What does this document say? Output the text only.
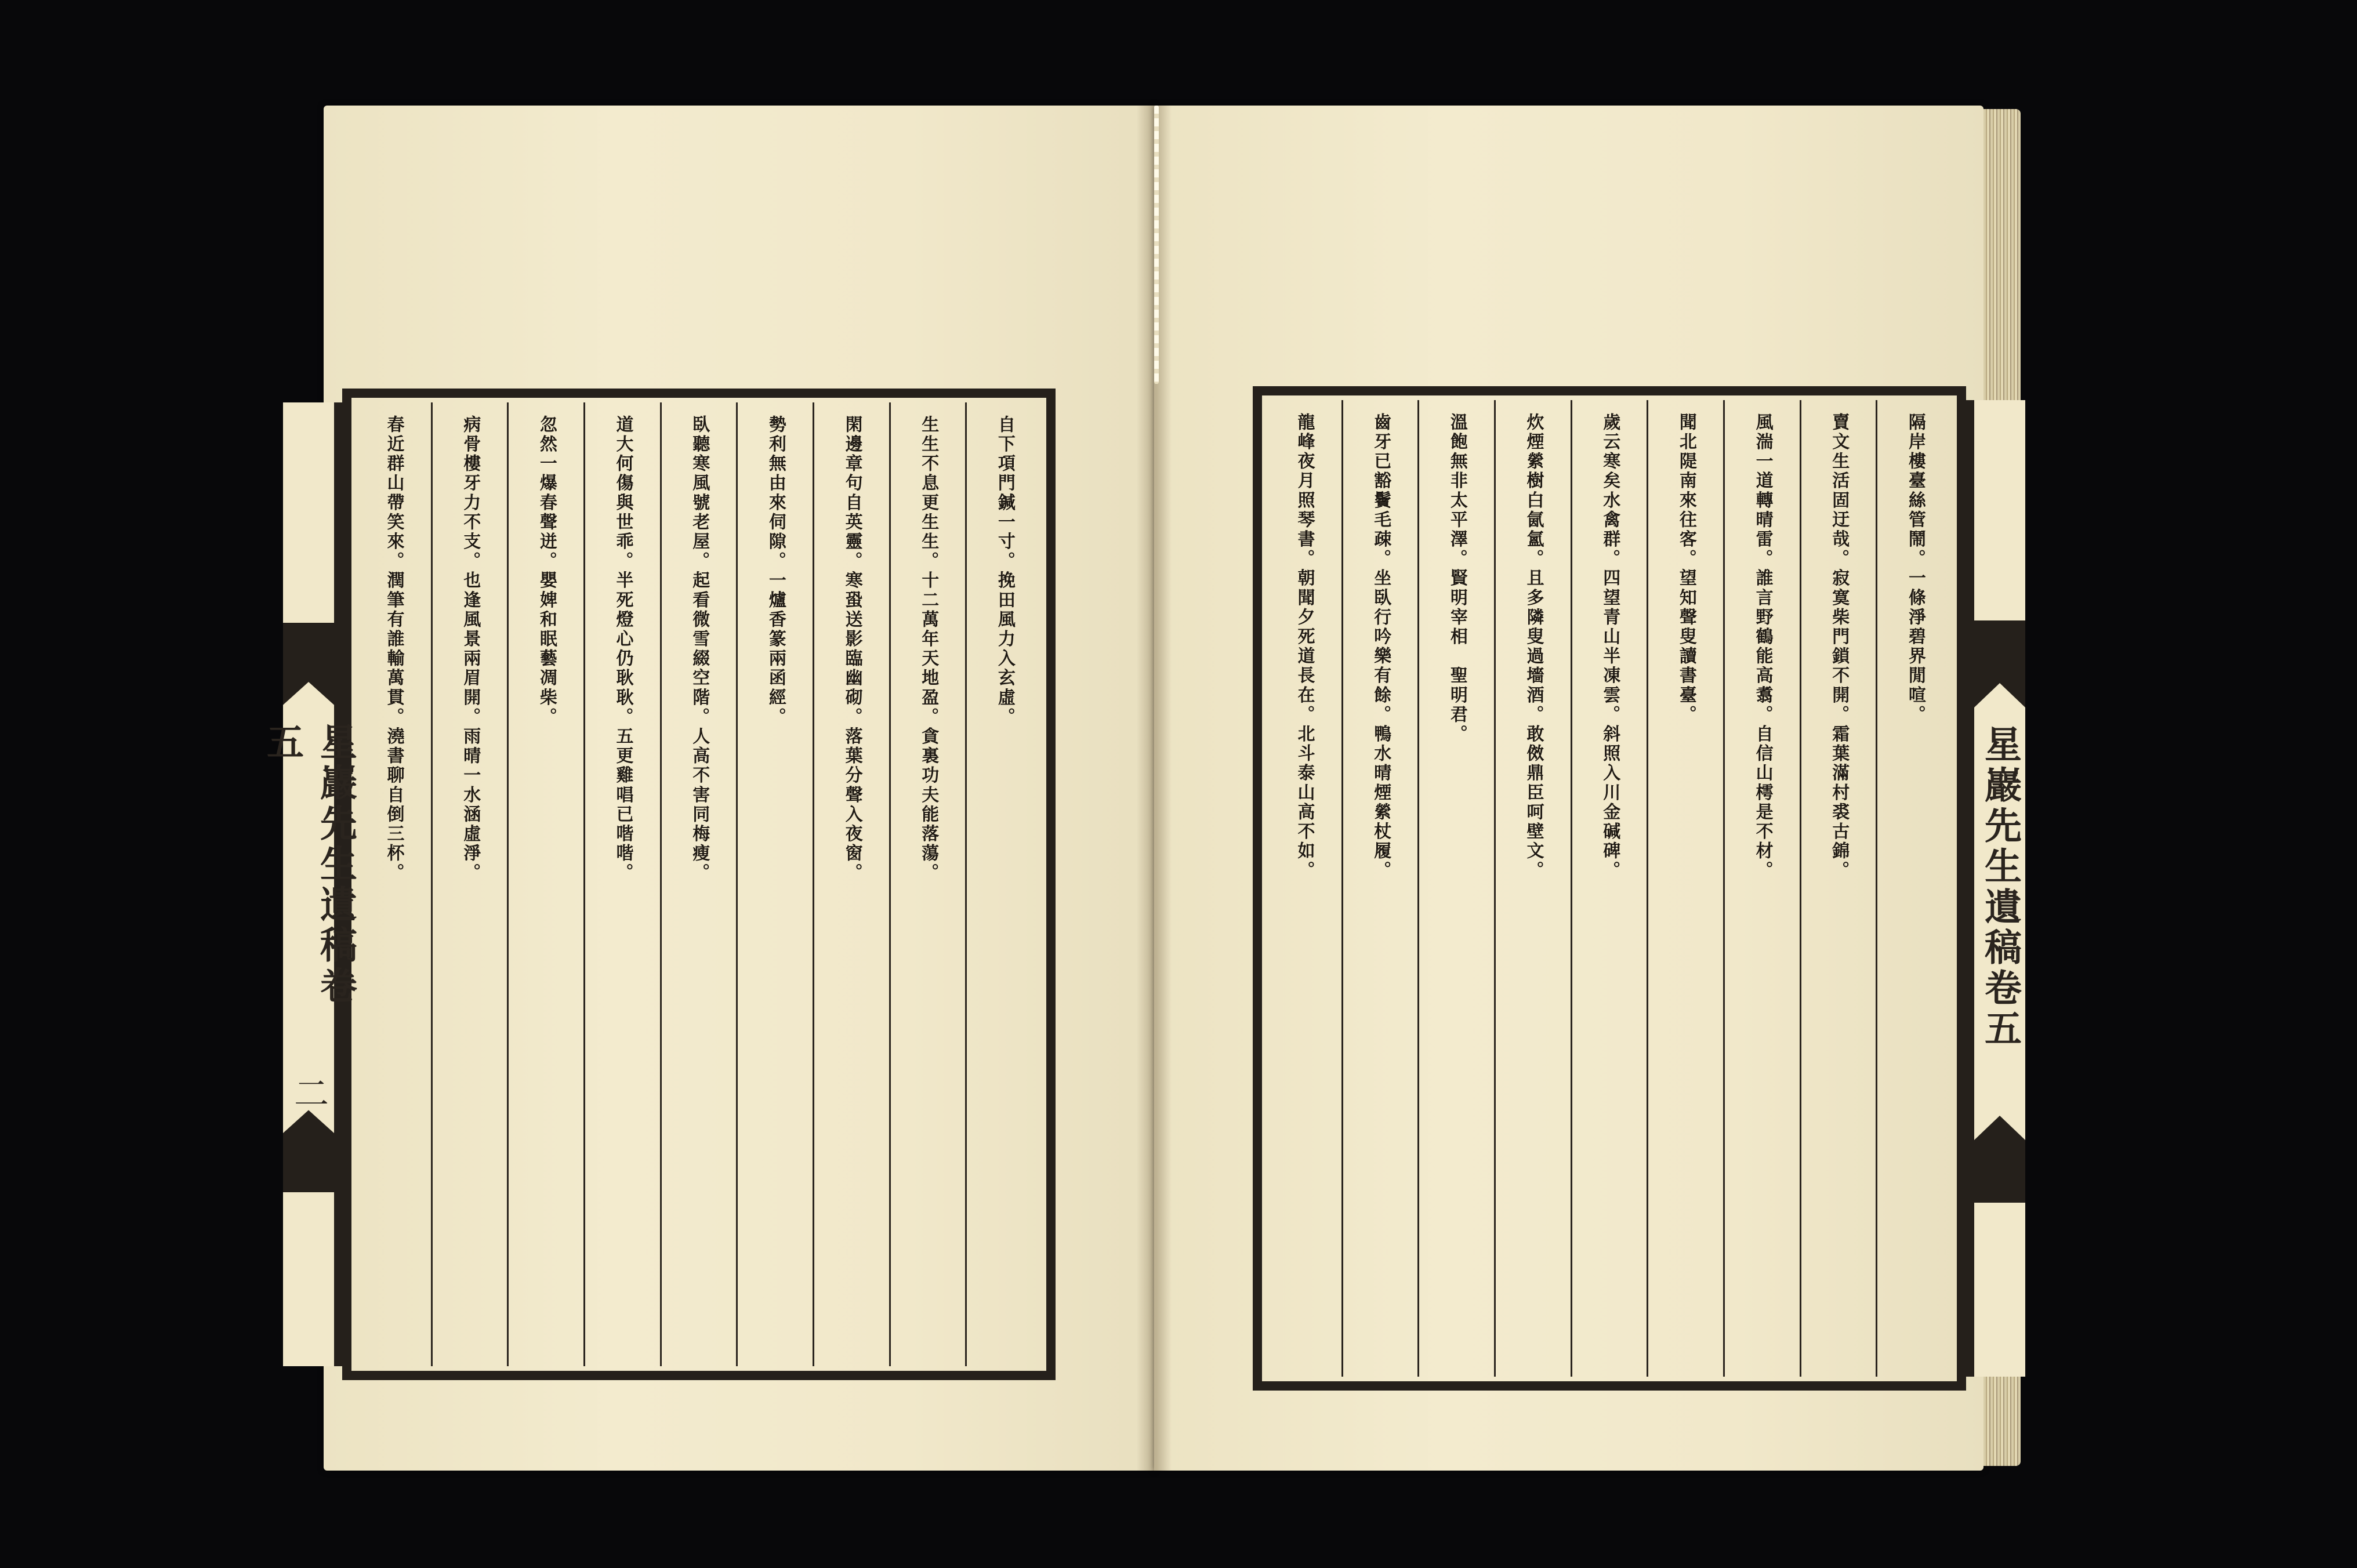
星巖先生遺稿卷五
二
自下項門鍼一寸。挽田風力入玄虛。
生生不息更生生。十二萬年天地盈。貪裏功夫能落蕩。
閑邊章句自英靈。寒蛩送影臨幽砌。落葉分聲入夜窗。
勢利無由來伺隙。一爐香篆兩函經。
臥聽寒風號老屋。起看微雪綴空階。人高不害同梅瘦。
道大何傷與世乖。半死燈心仍耿耿。五更雞唱已喈喈。
忽然一爆春聲迸。嬰婢和眠藝凋柴。
病骨樓牙力不支。也逢風景兩眉開。雨晴一水涵虛淨。
春近群山帶笑來。潤筆有誰輸萬貫。澆書聊自倒三杯。
星巖先生遺稿卷五
隔岸樓臺絲管鬧。一條淨碧界閒喧。
賣文生活固迂哉。寂寞柴門鎖不開。霜葉滿村裘古錦。
風湍一道轉晴雷。誰言野鶴能高翥。自信山樗是不材。
聞北隄南來往客。望知聲叟讀書臺。
歲云寒矣水禽群。四望青山半凍雲。斜照入川金碱碑。
炊煙縈樹白氤氳。且多隣叟過墻酒。敢傚鼎臣呵壁文。
溫飽無非太平澤。賢明宰相　聖明君。
齒牙已豁鬢毛疎。坐臥行吟樂有餘。鴨水晴煙縈杖履。
龍峰夜月照琴書。朝聞夕死道長在。北斗泰山高不如。
